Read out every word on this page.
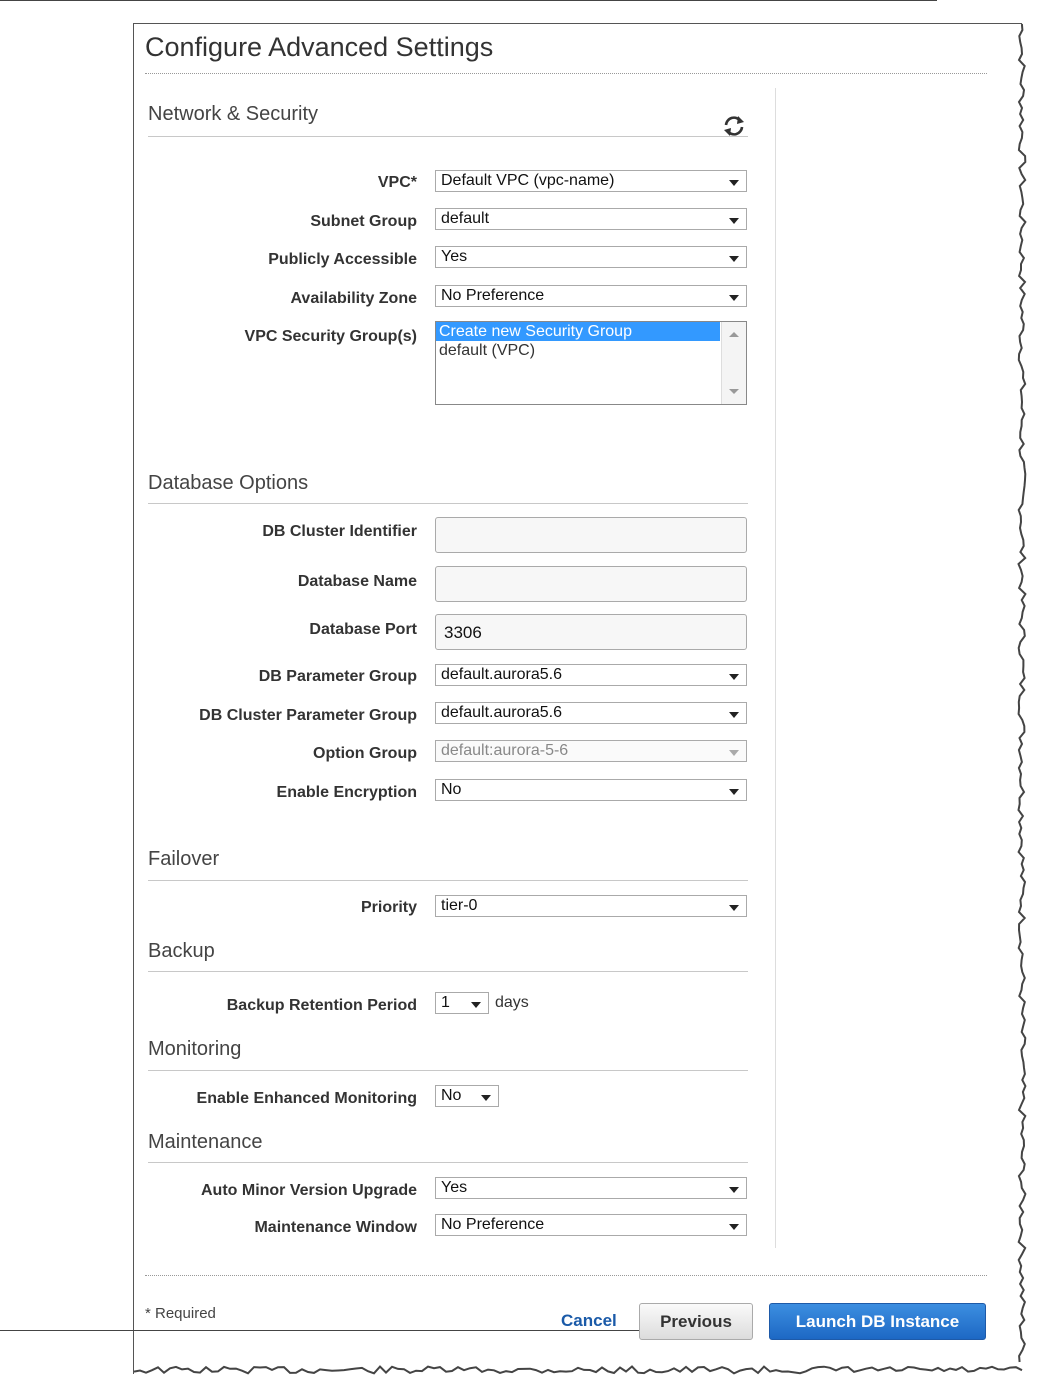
Configure Advanced Settings
Network & Security
VPC*	Default VPC (vpc-name)
Subnet Group	default
Publicly Accessible	Yes
Availability Zone	No Preference
VPC Security Group(s) Create new Security Group
default (VPC)
Database Options
DB Cluster Identifier
Database Name
Database Port	3306
DB Parameter Group	default.aurora5.6
DB Cluster Parameter Group	default.aurora5.6
Option Group	default:aurora-5-6
Enable Encryption	No
Failover
Priority	tier-0
Backup
Backup Retention Period	1	days
Monitoring
Enable Enhanced Monitoring	No
Maintenance
Auto Minor Version Upgrade	Yes
Maintenance Window	No Preference
* Required	Cancel	Previous	Launch DB Instance
